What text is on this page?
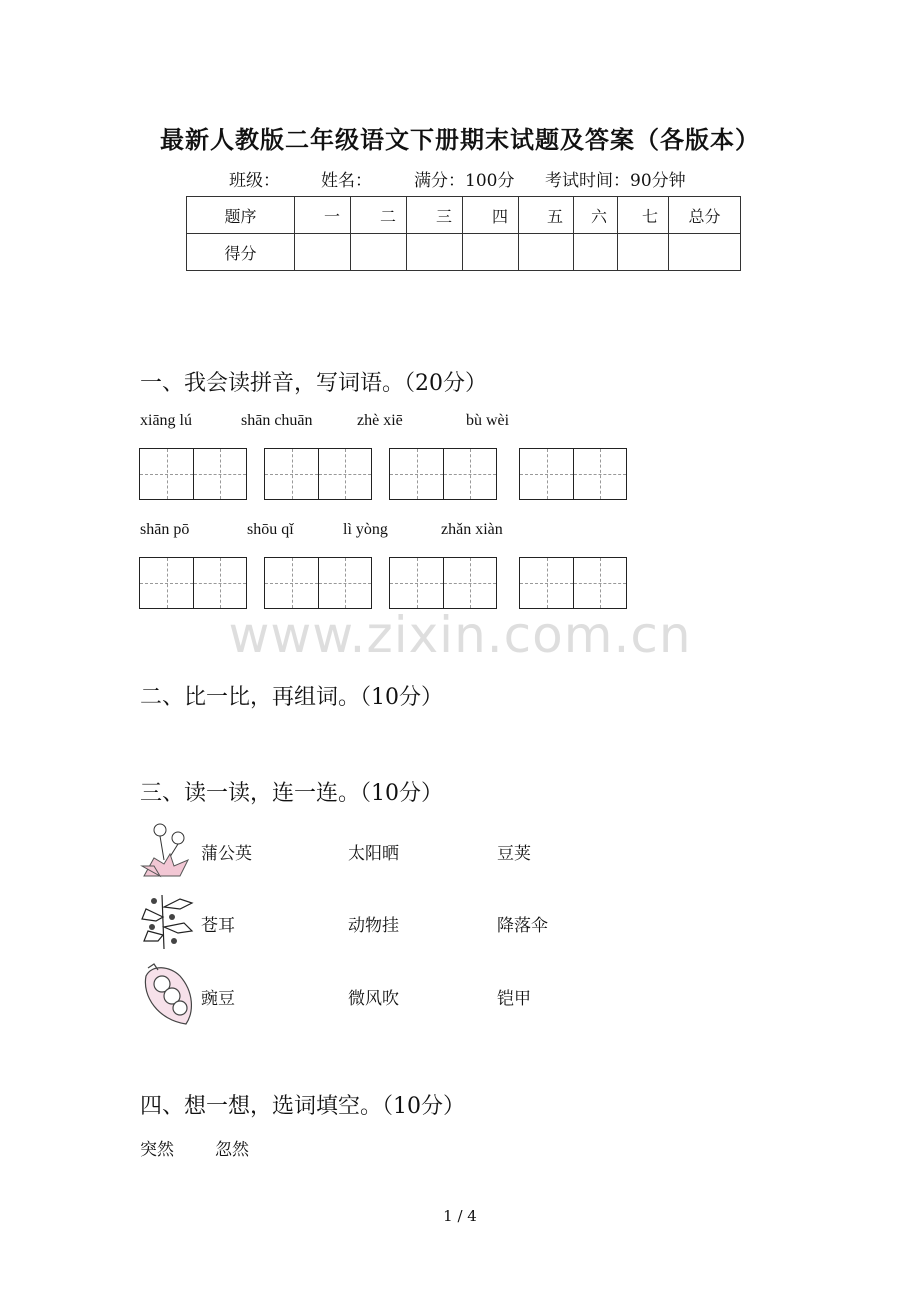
最新人教版二年级语文下册期末试题及答案（各版本）
班级： 姓名： 满分：100分 考试时间：90分钟
题序	一	二	三	四	五	六	七	总分
得分								
一、我会读拼音，写词语。（20分）
xiāng lú	shān chuān	zhè xiē	bù wèi
shān pō	shōu qǐ	lì yòng	zhǎn xiàn
www.zixin.com.cn
二、比一比，再组词。（10分）
三、读一读，连一连。（10分）
蒲公英	太阳晒	豆荚
苍耳	动物挂	降落伞
豌豆	微风吹	铠甲
四、想一想，选词填空。（10分）
突然 忽然
1 / 4
